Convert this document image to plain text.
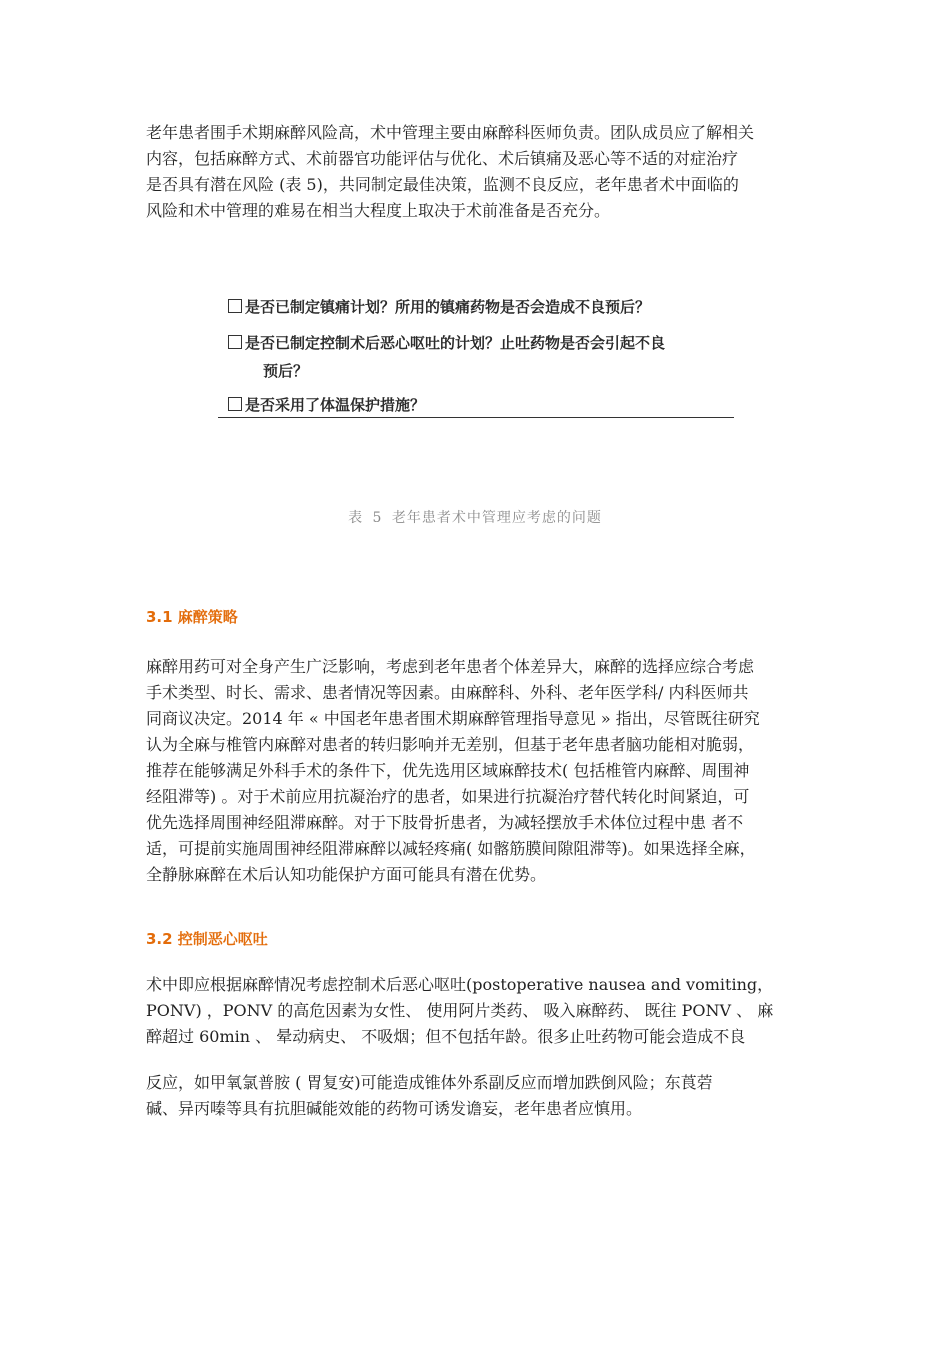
老年患者围手术期麻醉风险高，术中管理主要由麻醉科医师负责。团队成员应了解相关
内容，包括麻醉方式、术前器官功能评估与优化、术后镇痛及恶心等不适的对症治疗
是否具有潜在风险 (表 5)，共同制定最佳决策，监测不良反应，老年患者术中面临的
风险和术中管理的难易在相当大程度上取决于术前准备是否充分。
是否已制定镇痛计划？所用的镇痛药物是否会造成不良预后？
是否已制定控制术后恶心呕吐的计划？止吐药物是否会引起不良
预后？
是否采用了体温保护措施？
表 5 老年患者术中管理应考虑的问题
3.1 麻醉策略
麻醉用药可对全身产生广泛影响，考虑到老年患者个体差异大，麻醉的选择应综合考虑
手术类型、时长、需求、患者情况等因素。由麻醉科、外科、老年医学科/ 内科医师共
同商议决定。2014 年 « 中国老年患者围术期麻醉管理指导意见 » 指出，尽管既往研究
认为全麻与椎管内麻醉对患者的转归影响并无差别，但基于老年患者脑功能相对脆弱，
推荐在能够满足外科手术的条件下，优先选用区域麻醉技术( 包括椎管内麻醉、周围神
经阻滞等) 。对于术前应用抗凝治疗的患者，如果进行抗凝治疗替代转化时间紧迫，可
优先选择周围神经阻滞麻醉。对于下肢骨折患者，为减轻摆放手术体位过程中患 者不
适，可提前实施周围神经阻滞麻醉以减轻疼痛( 如髂筋膜间隙阻滞等)。如果选择全麻，
全静脉麻醉在术后认知功能保护方面可能具有潜在优势。
3.2 控制恶心呕吐
术中即应根据麻醉情况考虑控制术后恶心呕吐(postoperative nausea and vomiting，
PONV) ，PONV 的高危因素为女性、 使用阿片类药、 吸入麻醉药、 既往 PONV 、 麻
醉超过 60min 、 晕动病史、 不吸烟；但不包括年龄。很多止吐药物可能会造成不良
反应，如甲氧氯普胺 ( 胃复安)可能造成锥体外系副反应而增加跌倒风险；东莨菪
碱、异丙嗪等具有抗胆碱能效能的药物可诱发谵妄，老年患者应慎用。
